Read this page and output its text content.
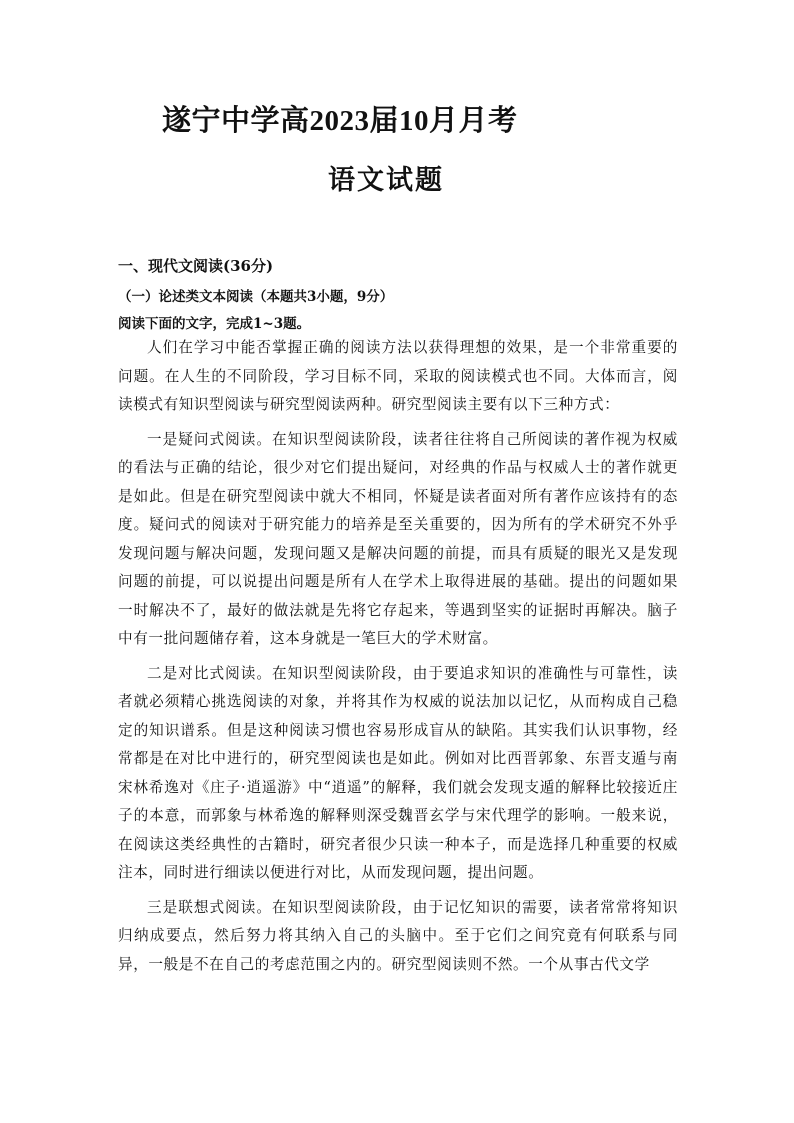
遂宁中学高2023届10月月考
语文试题
一、现代文阅读(36分)
（一）论述类文本阅读（本题共3小题，9分）
阅读下面的文字，完成1~3题。

人们在学习中能否掌握正确的阅读方法以获得理想的效果，是一个非常重要的问题。在人生的不同阶段，学习目标不同，采取的阅读模式也不同。大体而言，阅读模式有知识型阅读与研究型阅读两种。研究型阅读主要有以下三种方式：

一是疑问式阅读。在知识型阅读阶段，读者往往将自己所阅读的著作视为权威的看法与正确的结论，很少对它们提出疑问，对经典的作品与权威人士的著作就更是如此。但是在研究型阅读中就大不相同，怀疑是读者面对所有著作应该持有的态度。疑问式的阅读对于研究能力的培养是至关重要的，因为所有的学术研究不外乎发现问题与解决问题，发现问题又是解决问题的前提，而具有质疑的眼光又是发现问题的前提，可以说提出问题是所有人在学术上取得进展的基础。提出的问题如果一时解决不了，最好的做法就是先将它存起来，等遇到坚实的证据时再解决。脑子中有一批问题储存着，这本身就是一笔巨大的学术财富。

二是对比式阅读。在知识型阅读阶段，由于要追求知识的准确性与可靠性，读者就必须精心挑选阅读的对象，并将其作为权威的说法加以记忆，从而构成自己稳定的知识谱系。但是这种阅读习惯也容易形成盲从的缺陷。其实我们认识事物，经常都是在对比中进行的，研究型阅读也是如此。例如对比西晋郭象、东晋支遁与南宋林希逸对《庄子·逍遥游》中“逍遥”的解释，我们就会发现支遁的解释比较接近庄子的本意，而郭象与林希逸的解释则深受魏晋玄学与宋代理学的影响。一般来说，在阅读这类经典性的古籍时，研究者很少只读一种本子，而是选择几种重要的权威注本，同时进行细读以便进行对比，从而发现问题，提出问题。

三是联想式阅读。在知识型阅读阶段，由于记忆知识的需要，读者常常将知识归纳成要点，然后努力将其纳入自己的头脑中。至于它们之间究竟有何联系与同异，一般是不在自己的考虑范围之内的。研究型阅读则不然。一个从事古代文学
